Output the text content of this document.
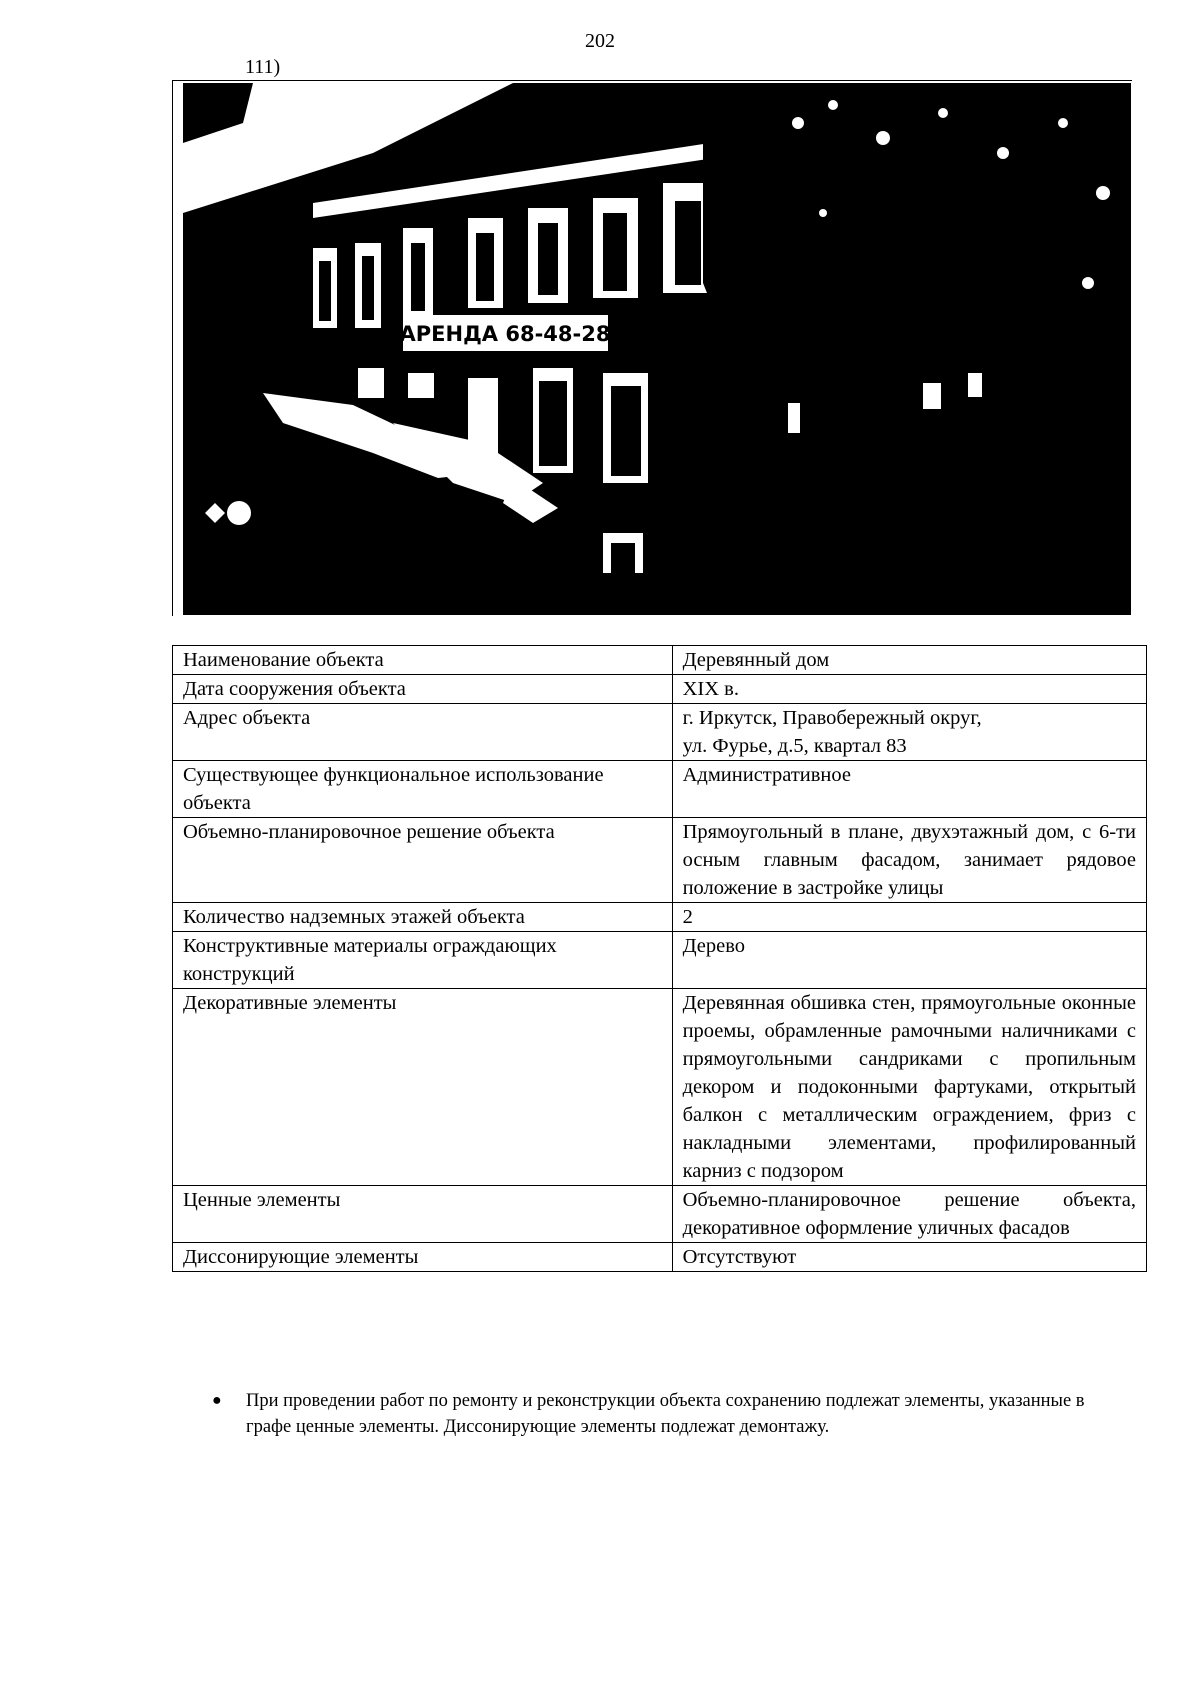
202
111)
АРЕНДА 68-48-28
Наименование объекта	Деревянный дом
Дата сооружения объекта	XIX в.
Адрес объекта	г. Иркутск, Правобережный округ,
ул. Фурье, д.5, квартал 83
Существующее функциональное использование объекта	Административное
Объемно-планировочное решение объекта	Прямоугольный в плане, двухэтажный дом, с 6-ти осным главным фасадом, занимает рядовое положение в застройке улицы
Количество надземных этажей объекта	2
Конструктивные материалы ограждающих конструкций	Дерево
Декоративные элементы	Деревянная обшивка стен, прямоугольные оконные проемы, обрамленные рамочными наличниками с прямоугольными сандриками с пропильным декором и подоконными фартуками, открытый балкон с металлическим ограждением, фриз с накладными элементами, профилированный карниз с подзором
Ценные элементы	Объемно-планировочное решение объекта, декоративное оформление уличных фасадов
Диссонирующие элементы	Отсутствуют
● При проведении работ по ремонту и реконструкции объекта сохранению подлежат элементы, указанные в графе ценные элементы. Диссонирующие элементы подлежат демонтажу.
